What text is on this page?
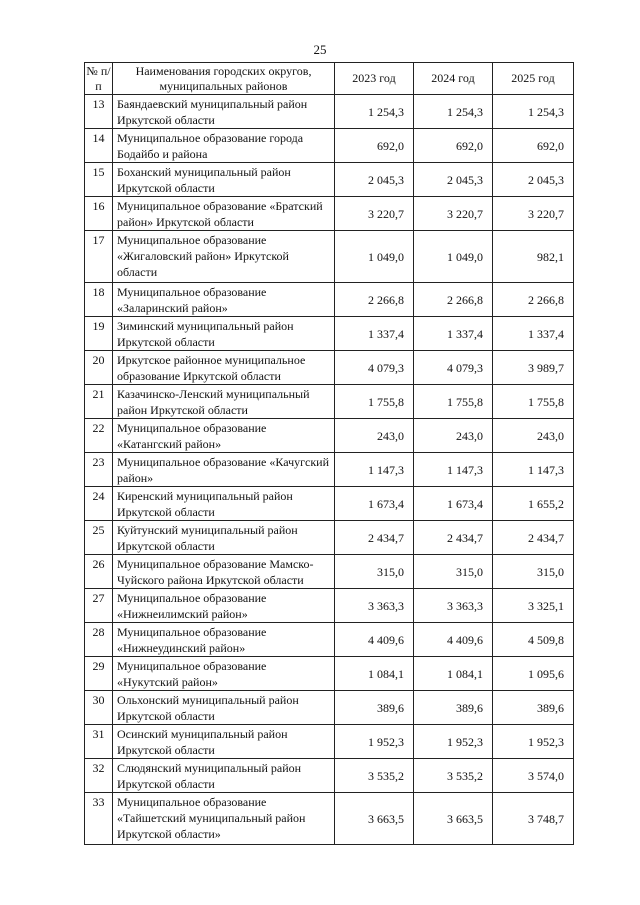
25
№ п/п	Наименования городских округов, муниципальных районов	2023 год	2024 год	2025 год
13	Баяндаевский муниципальный район Иркутской области	1 254,3	1 254,3	1 254,3
14	Муниципальное образование города Бодайбо и района	692,0	692,0	692,0
15	Боханский муниципальный район Иркутской области	2 045,3	2 045,3	2 045,3
16	Муниципальное образование «Братский район» Иркутской области	3 220,7	3 220,7	3 220,7
17	Муниципальное образование «Жигаловский район» Иркутской области	1 049,0	1 049,0	982,1
18	Муниципальное образование «Заларинский район»	2 266,8	2 266,8	2 266,8
19	Зиминский муниципальный район Иркутской области	1 337,4	1 337,4	1 337,4
20	Иркутское районное муниципальное образование Иркутской области	4 079,3	4 079,3	3 989,7
21	Казачинско-Ленский муниципальный район Иркутской области	1 755,8	1 755,8	1 755,8
22	Муниципальное образование «Катангский район»	243,0	243,0	243,0
23	Муниципальное образование «Качугский район»	1 147,3	1 147,3	1 147,3
24	Киренский муниципальный район Иркутской области	1 673,4	1 673,4	1 655,2
25	Куйтунский муниципальный район Иркутской области	2 434,7	2 434,7	2 434,7
26	Муниципальное образование Мамско-Чуйского района Иркутской области	315,0	315,0	315,0
27	Муниципальное образование «Нижнеилимский район»	3 363,3	3 363,3	3 325,1
28	Муниципальное образование «Нижнеудинский район»	4 409,6	4 409,6	4 509,8
29	Муниципальное образование «Нукутский район»	1 084,1	1 084,1	1 095,6
30	Ольхонский муниципальный район Иркутской области	389,6	389,6	389,6
31	Осинский муниципальный район Иркутской области	1 952,3	1 952,3	1 952,3
32	Слюдянский муниципальный район Иркутской области	3 535,2	3 535,2	3 574,0
33	Муниципальное образование «Тайшетский муниципальный район Иркутской области»	3 663,5	3 663,5	3 748,7
